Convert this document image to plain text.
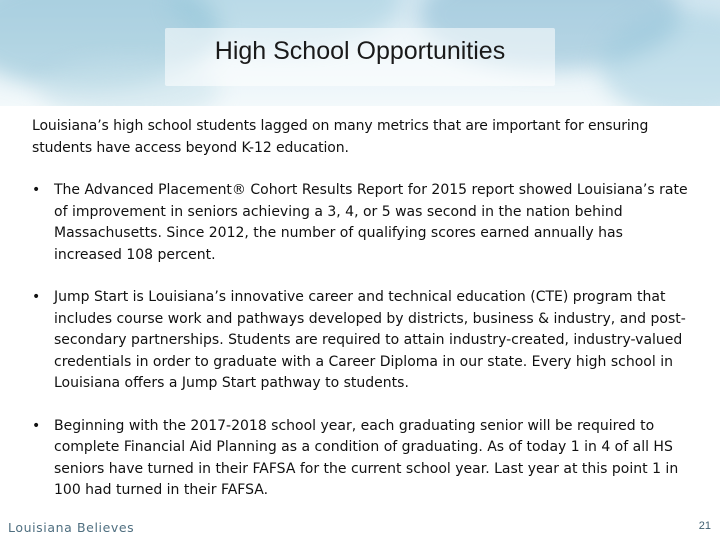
High School Opportunities

Louisiana’s high school students lagged on many metrics that are important for ensuring students have access beyond K-12 education.

• The Advanced Placement® Cohort Results Report for 2015 report showed Louisiana’s rate of improvement in seniors achieving a 3, 4, or 5 was second in the nation behind Massachusetts. Since 2012, the number of qualifying scores earned annually has increased 108 percent.
• Jump Start is Louisiana’s innovative career and technical education (CTE) program that includes course work and pathways developed by districts, business & industry, and post-secondary partnerships. Students are required to attain industry-created, industry-valued credentials in order to graduate with a Career Diploma in our state. Every high school in Louisiana offers a Jump Start pathway to students.
• Beginning with the 2017-2018 school year, each graduating senior will be required to complete Financial Aid Planning as a condition of graduating. As of today 1 in 4 of all HS seniors have turned in their FAFSA for the current school year. Last year at this point 1 in 100 had turned in their FAFSA.
Louisiana Believes	21
